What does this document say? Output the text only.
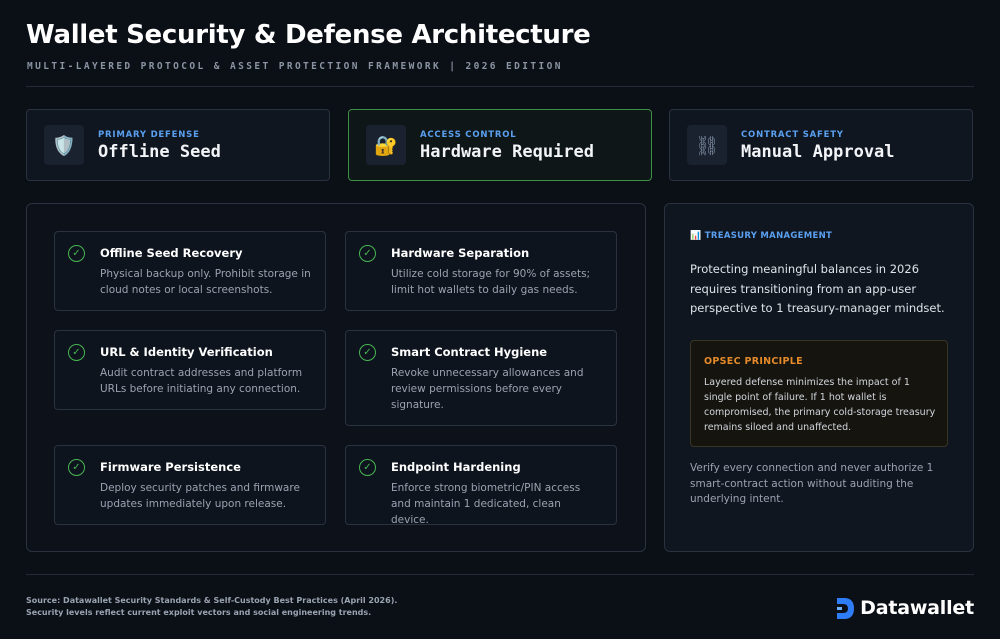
Wallet Security & Defense Architecture
MULTI-LAYERED PROTOCOL & ASSET PROTECTION FRAMEWORK | 2026 EDITION
🛡️	PRIMARY DEFENSE
Offline Seed	🔐	ACCESS CONTROL
Hardware Required	⛓	CONTRACT SAFETY
Manual Approval
✓	Offline Seed Recovery
Physical backup only. Prohibit storage in cloud notes or local screenshots.
✓	Hardware Separation
Utilize cold storage for 90% of assets; limit hot wallets to daily gas needs.
✓	URL & Identity Verification
Audit contract addresses and platform URLs before initiating any connection.
✓	Smart Contract Hygiene
Revoke unnecessary allowances and review permissions before every signature.
✓	Firmware Persistence
Deploy security patches and firmware updates immediately upon release.
✓	Endpoint Hardening
Enforce strong biometric/PIN access and maintain 1 dedicated, clean device.
📊 TREASURY MANAGEMENT
Protecting meaningful balances in 2026 requires transitioning from an app-user perspective to 1 treasury-manager mindset.
OPSEC PRINCIPLE
Layered defense minimizes the impact of 1 single point of failure. If 1 hot wallet is compromised, the primary cold-storage treasury remains siloed and unaffected.
Verify every connection and never authorize 1 smart-contract action without auditing the underlying intent.
Source: Datawallet Security Standards & Self-Custody Best Practices (April 2026).
Security levels reflect current exploit vectors and social engineering trends.	Datawallet
